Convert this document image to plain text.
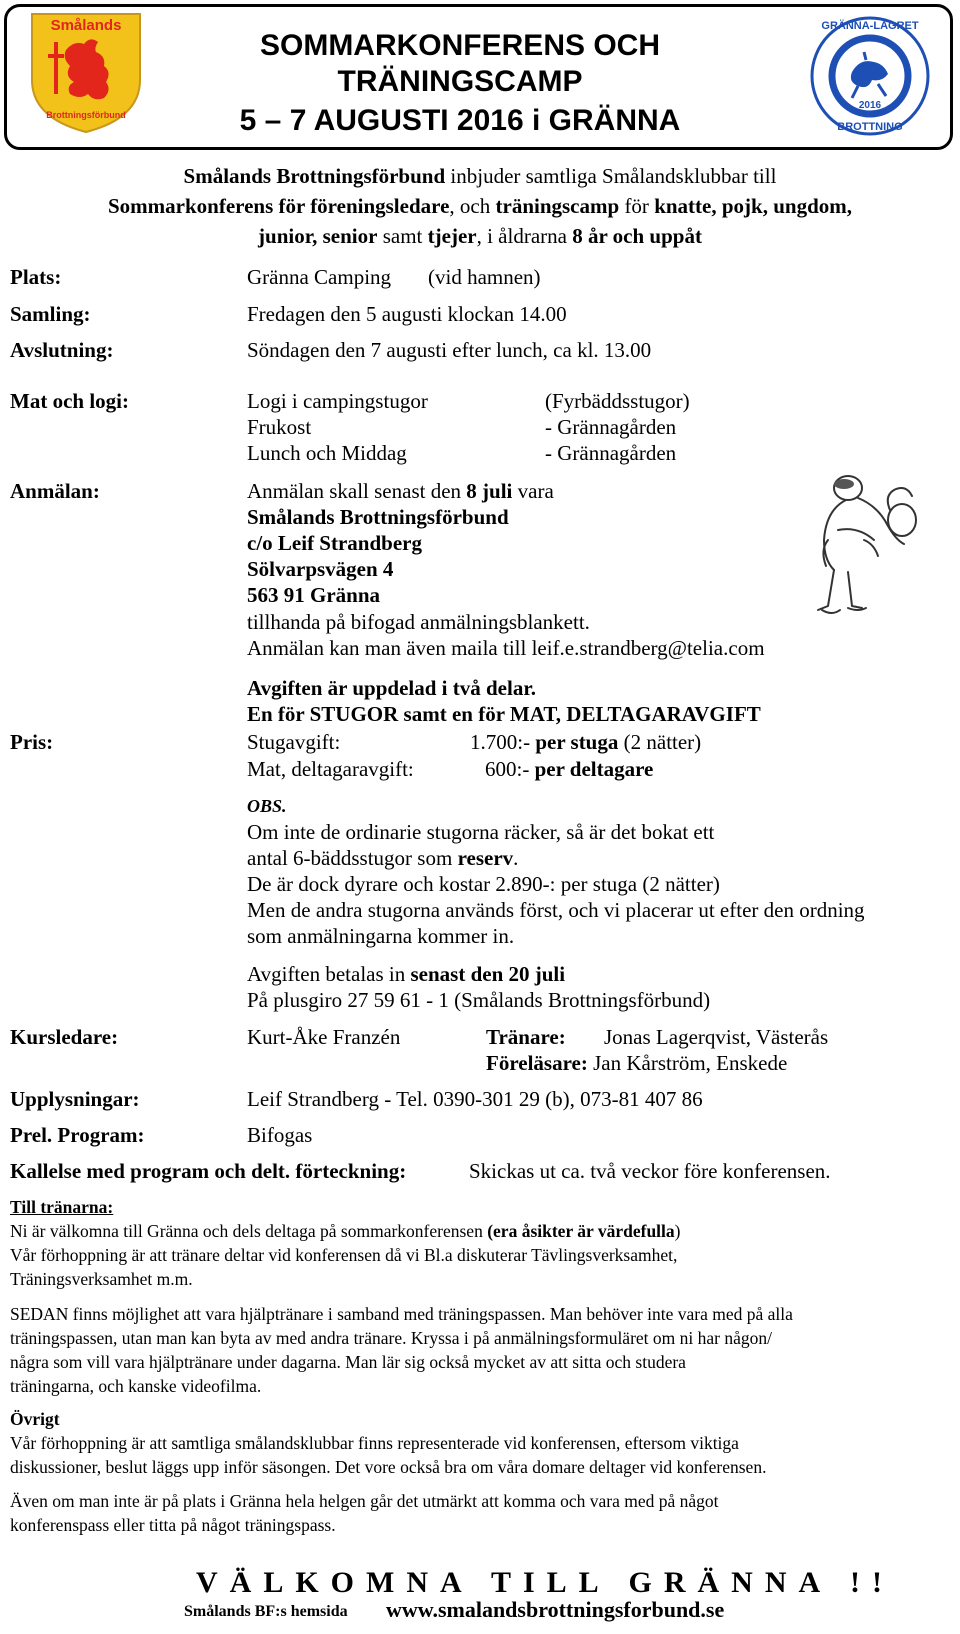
Smålands
Brottningsförbund
GRÄNNA-LÄGRET
2016
BROTTNING
SOMMARKONFERENS OCH
TRÄNINGSCAMP
5 – 7 AUGUSTI 2016 i GRÄNNA
Smålands Brottningsförbund inbjuder samtliga Smålandsklubbar till
Sommarkonferens för föreningsledare, och träningscamp för knatte, pojk, ungdom,
junior, senior samt tjejer, i åldrarna 8 år och uppåt
Plats:	Gränna Camping (vid hamnen)
Samling:	Fredagen den 5 augusti klockan 14.00
Avslutning:	Söndagen den 7 augusti efter lunch, ca kl. 13.00
Mat och logi:	Logi i campingstugor	(Fyrbäddsstugor)
Frukost	- Grännagården
Lunch och Middag	- Grännagården
Anmälan:	Anmälan skall senast den 8 juli vara
Smålands Brottningsförbund
c/o Leif Strandberg
Sölvarpsvägen 4
563 91 Gränna
tillhanda på bifogad anmälningsblankett.
Anmälan kan man även maila till leif.e.strandberg@telia.com
Avgiften är uppdelad i två delar.
En för STUGOR samt en för MAT, DELTAGARAVGIFT
Pris:	Stugavgift:	1.700:- per stuga (2 nätter)
Mat, deltagaravgift:	600:- per deltagare
OBS.
Om inte de ordinarie stugorna räcker, så är det bokat ett
antal 6-bäddsstugor som reserv.
De är dock dyrare och kostar 2.890-: per stuga (2 nätter)
Men de andra stugorna används först, och vi placerar ut efter den ordning
som anmälningarna kommer in.
Avgiften betalas in senast den 20 juli
På plusgiro 27 59 61 - 1 (Smålands Brottningsförbund)
Kursledare:	Kurt-Åke Franzén	Tränare: Jonas Lagerqvist, Västerås
Föreläsare: Jan Kårström, Enskede
Upplysningar:	Leif Strandberg - Tel. 0390-301 29 (b), 073-81 407 86
Prel. Program:	Bifogas
Kallelse med program och delt. förteckning:	Skickas ut ca. två veckor före konferensen.
Till tränarna:
Ni är välkomna till Gränna och dels deltaga på sommarkonferensen (era åsikter är värdefulla)
Vår förhoppning är att tränare deltar vid konferensen då vi Bl.a diskuterar Tävlingsverksamhet,
Träningsverksamhet m.m.
SEDAN finns möjlighet att vara hjälptränare i samband med träningspassen. Man behöver inte vara med på alla
träningspassen, utan man kan byta av med andra tränare. Kryssa i på anmälningsformuläret om ni har någon/
några som vill vara hjälptränare under dagarna. Man lär sig också mycket av att sitta och studera
träningarna, och kanske videofilma.
Övrigt
Vår förhoppning är att samtliga smålandsklubbar finns representerade vid konferensen, eftersom viktiga
diskussioner, beslut läggs upp inför säsongen. Det vore också bra om våra domare deltager vid konferensen.
Även om man inte är på plats i Gränna hela helgen går det utmärkt att komma och vara med på något
konferenspass eller titta på något träningspass.
VÄLKOMNA TILL GRÄNNA !!
Smålands BF:s hemsida www.smalandsbrottningsforbund.se
